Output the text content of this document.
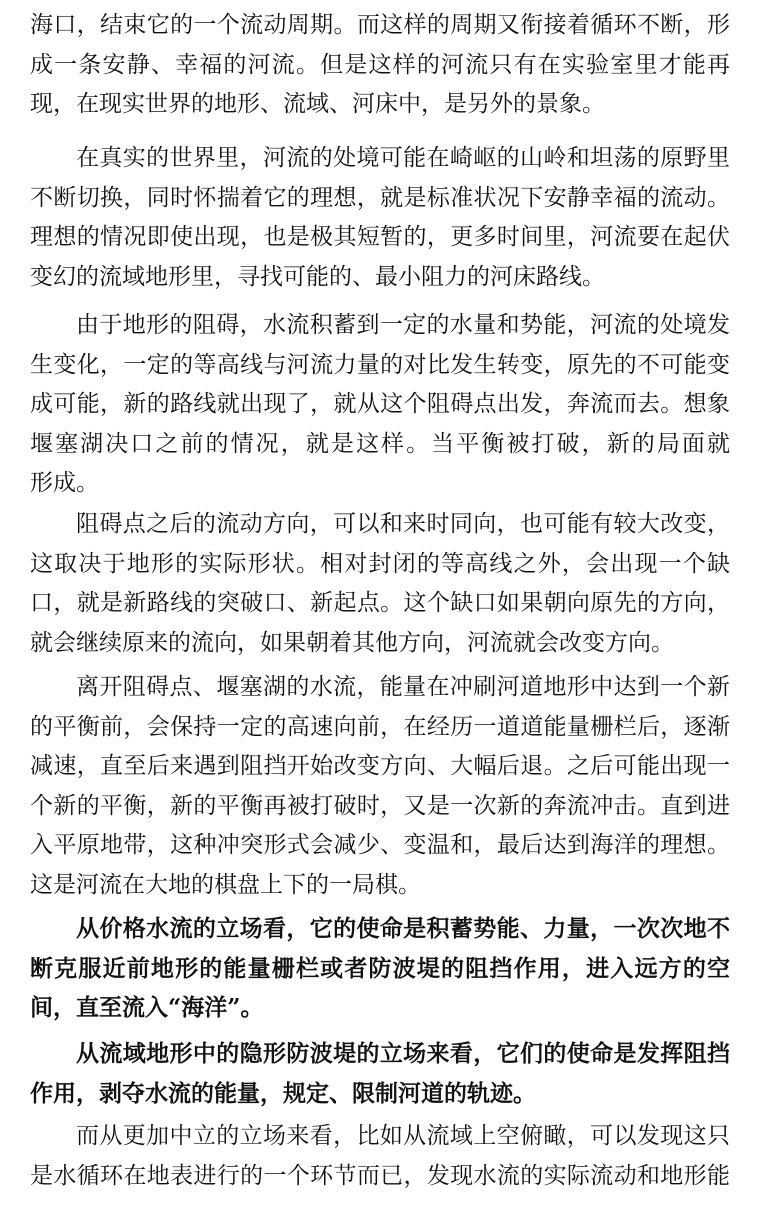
海口，结束它的一个流动周期。而这样的周期又衔接着循环不断，形
成一条安静、幸福的河流。但是这样的河流只有在实验室里才能再
现，在现实世界的地形、流域、河床中，是另外的景象。
在真实的世界里，河流的处境可能在崎岖的山岭和坦荡的原野里
不断切换，同时怀揣着它的理想，就是标准状况下安静幸福的流动。
理想的情况即使出现，也是极其短暂的，更多时间里，河流要在起伏
变幻的流域地形里，寻找可能的、最小阻力的河床路线。
由于地形的阻碍，水流积蓄到一定的水量和势能，河流的处境发
生变化，一定的等高线与河流力量的对比发生转变，原先的不可能变
成可能，新的路线就出现了，就从这个阻碍点出发，奔流而去。想象
堰塞湖决口之前的情况，就是这样。当平衡被打破，新的局面就
形成。
阻碍点之后的流动方向，可以和来时同向，也可能有较大改变，
这取决于地形的实际形状。相对封闭的等高线之外，会出现一个缺
口，就是新路线的突破口、新起点。这个缺口如果朝向原先的方向，
就会继续原来的流向，如果朝着其他方向，河流就会改变方向。
离开阻碍点、堰塞湖的水流，能量在冲刷河道地形中达到一个新
的平衡前，会保持一定的高速向前，在经历一道道能量栅栏后，逐渐
减速，直至后来遇到阻挡开始改变方向、大幅后退。之后可能出现一
个新的平衡，新的平衡再被打破时，又是一次新的奔流冲击。直到进
入平原地带，这种冲突形式会减少、变温和，最后达到海洋的理想。
这是河流在大地的棋盘上下的一局棋。
从价格水流的立场看，它的使命是积蓄势能、力量，一次次地不
断克服近前地形的能量栅栏或者防波堤的阻挡作用，进入远方的空
间，直至流入“海洋”。
从流域地形中的隐形防波堤的立场来看，它们的使命是发挥阻挡
作用，剥夺水流的能量，规定、限制河道的轨迹。
而从更加中立的立场来看，比如从流域上空俯瞰，可以发现这只
是水循环在地表进行的一个环节而已，发现水流的实际流动和地形能
